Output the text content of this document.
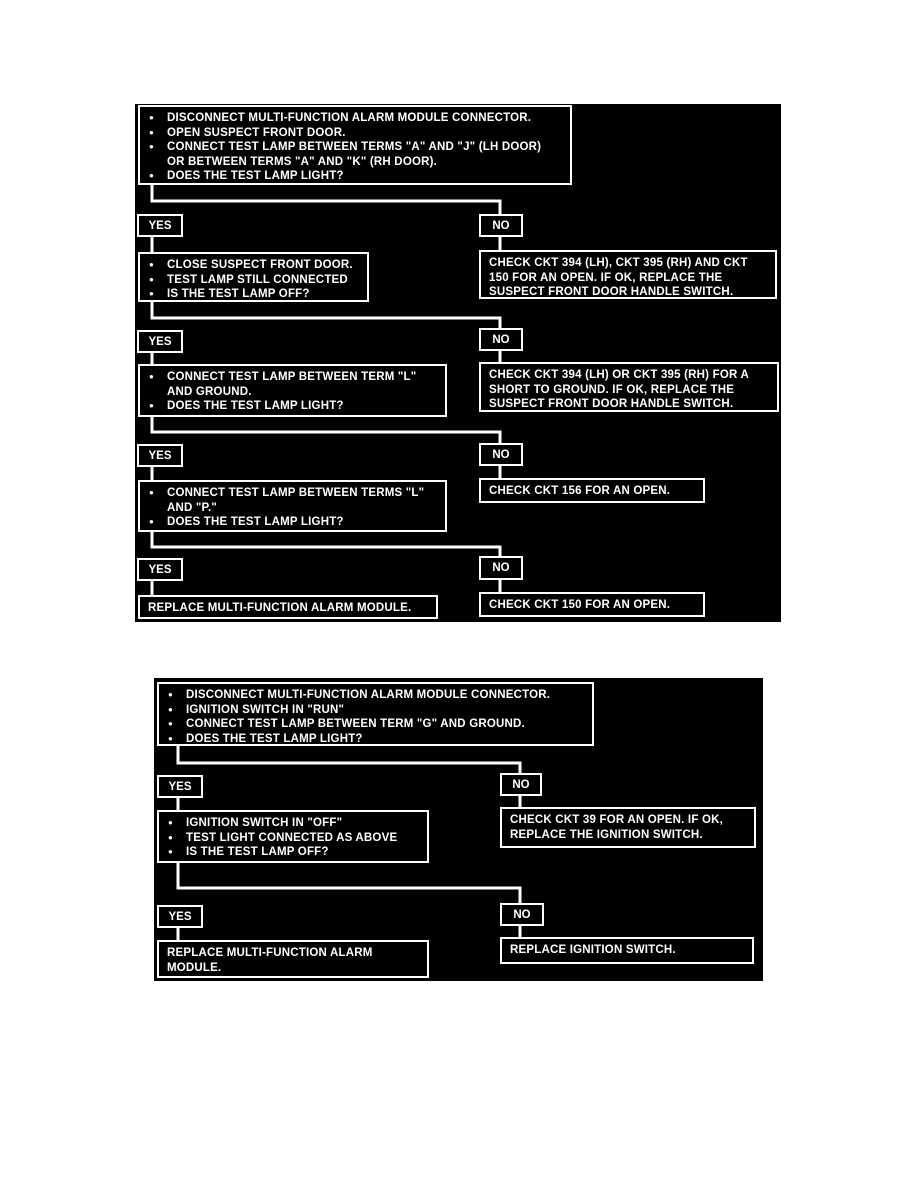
● DISCONNECT MULTI-FUNCTION ALARM MODULE CONNECTOR.
● OPEN SUSPECT FRONT DOOR.
● CONNECT TEST LAMP BETWEEN TERMS "A" AND "J" (LH DOOR) OR BETWEEN TERMS "A" AND "K" (RH DOOR).
● DOES THE TEST LAMP LIGHT?
YES	NO
● CLOSE SUSPECT FRONT DOOR.
● TEST LAMP STILL CONNECTED
● IS THE TEST LAMP OFF?
CHECK CKT 394 (LH), CKT 395 (RH) AND CKT 150 FOR AN OPEN. IF OK, REPLACE THE SUSPECT FRONT DOOR HANDLE SWITCH.
YES	NO
● CONNECT TEST LAMP BETWEEN TERM "L" AND GROUND.
● DOES THE TEST LAMP LIGHT?
CHECK CKT 394 (LH) OR CKT 395 (RH) FOR A SHORT TO GROUND. IF OK, REPLACE THE SUSPECT FRONT DOOR HANDLE SWITCH.
YES	NO
● CONNECT TEST LAMP BETWEEN TERMS "L" AND "P."
● DOES THE TEST LAMP LIGHT?
CHECK CKT 156 FOR AN OPEN.
YES	NO
REPLACE MULTI-FUNCTION ALARM MODULE.	CHECK CKT 150 FOR AN OPEN.
● DISCONNECT MULTI-FUNCTION ALARM MODULE CONNECTOR.
● IGNITION SWITCH IN "RUN"
● CONNECT TEST LAMP BETWEEN TERM "G" AND GROUND.
● DOES THE TEST LAMP LIGHT?
YES	NO
● IGNITION SWITCH IN "OFF"
● TEST LIGHT CONNECTED AS ABOVE
● IS THE TEST LAMP OFF?
CHECK CKT 39 FOR AN OPEN. IF OK, REPLACE THE IGNITION SWITCH.
YES	NO
REPLACE MULTI-FUNCTION ALARM MODULE.
REPLACE IGNITION SWITCH.
